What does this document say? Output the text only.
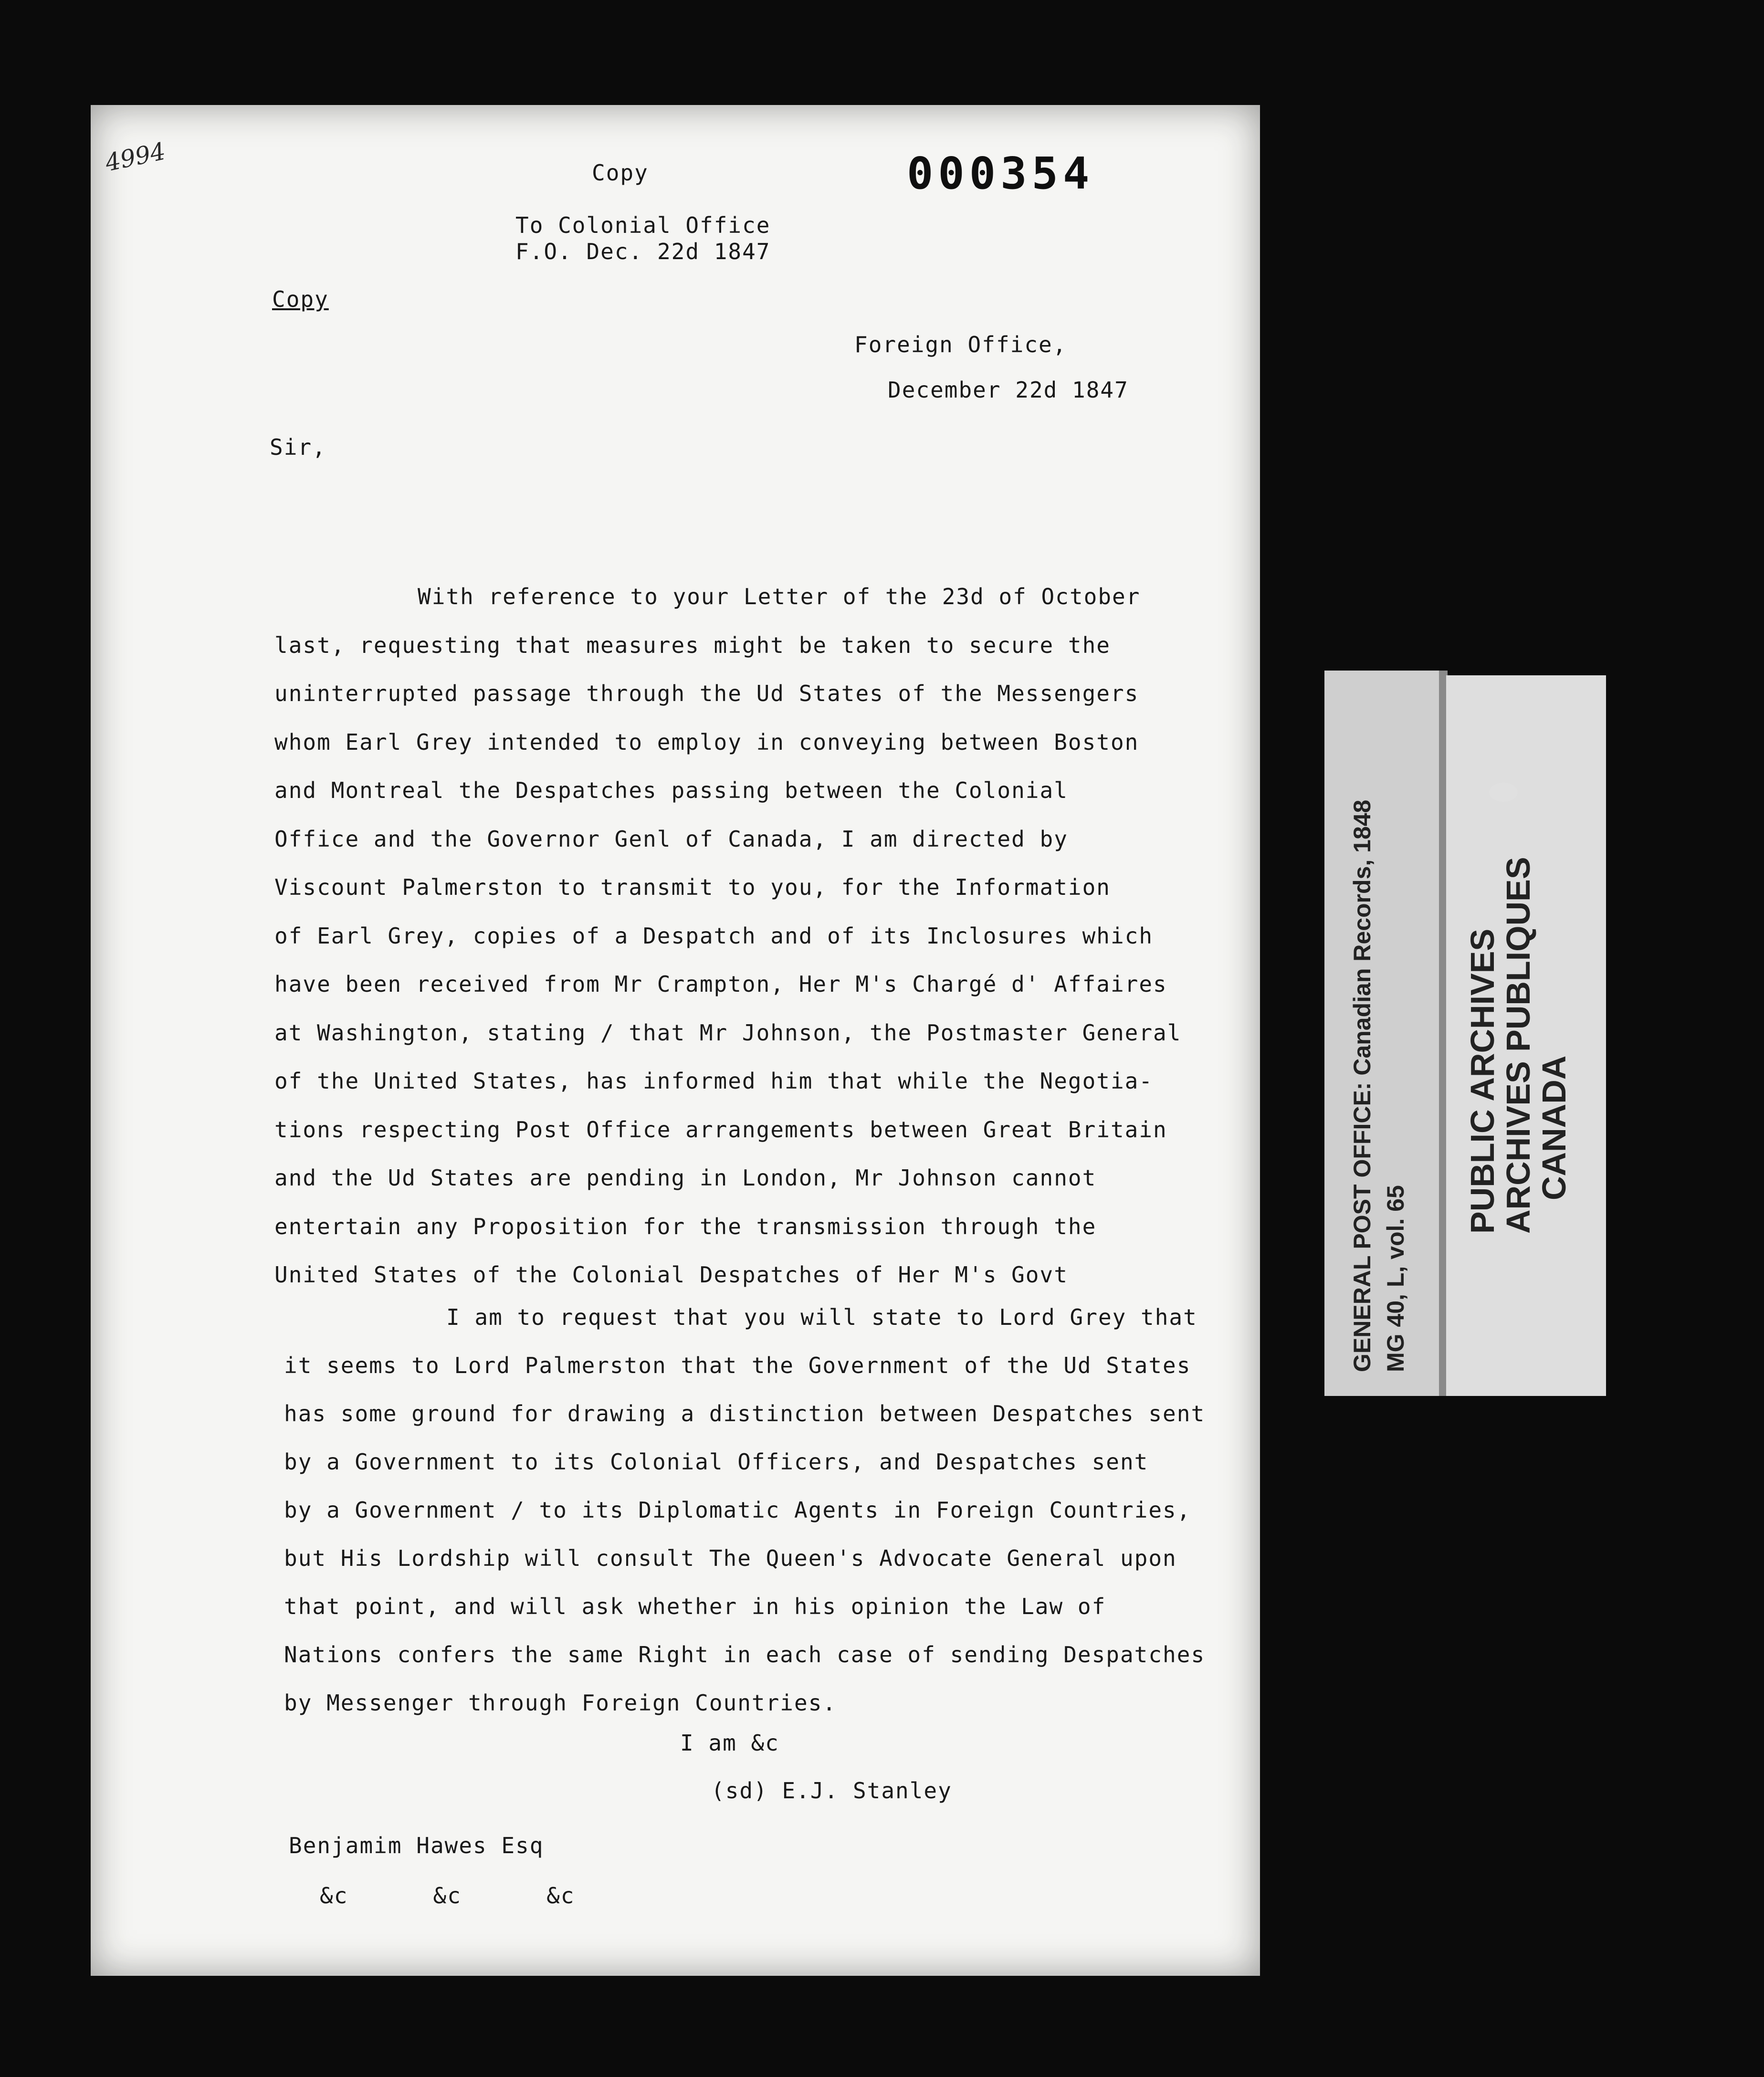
4994	000354
Copy
To Colonial Office
F.O. Dec. 22d 1847
Copy
Foreign Office,
December 22d 1847
Sir,
With reference to your Letter of the 23d of October
last, requesting that measures might be taken to secure the
uninterrupted passage through the Ud States of the Messengers
whom Earl Grey intended to employ in conveying between Boston
and Montreal the Despatches passing between the Colonial
Office and the Governor Genl of Canada, I am directed by
Viscount Palmerston to transmit to you, for the Information
of Earl Grey, copies of a Despatch and of its Inclosures which
have been received from Mr Crampton, Her M's Chargé d' Affaires
at Washington, stating / that Mr Johnson, the Postmaster General
of the United States, has informed him that while the Negotia-
tions respecting Post Office arrangements between Great Britain
and the Ud States are pending in London, Mr Johnson cannot
entertain any Proposition for the transmission through the
United States of the Colonial Despatches of Her M's Govt
I am to request that you will state to Lord Grey that
it seems to Lord Palmerston that the Government of the Ud States
has some ground for drawing a distinction between Despatches sent
by a Government to its Colonial Officers, and Despatches sent
by a Government / to its Diplomatic Agents in Foreign Countries,
but His Lordship will consult The Queen's Advocate General upon
that point, and will ask whether in his opinion the Law of
Nations confers the same Right in each case of sending Despatches
by Messenger through Foreign Countries.
I am &c
(sd) E.J. Stanley
Benjamim Hawes Esq
&c      &c      &c
GENERAL POST OFFICE: Canadian Records, 1848 MG 40, L, vol. 65
PUBLIC ARCHIVES
ARCHIVES PUBLIQUES
CANADA
